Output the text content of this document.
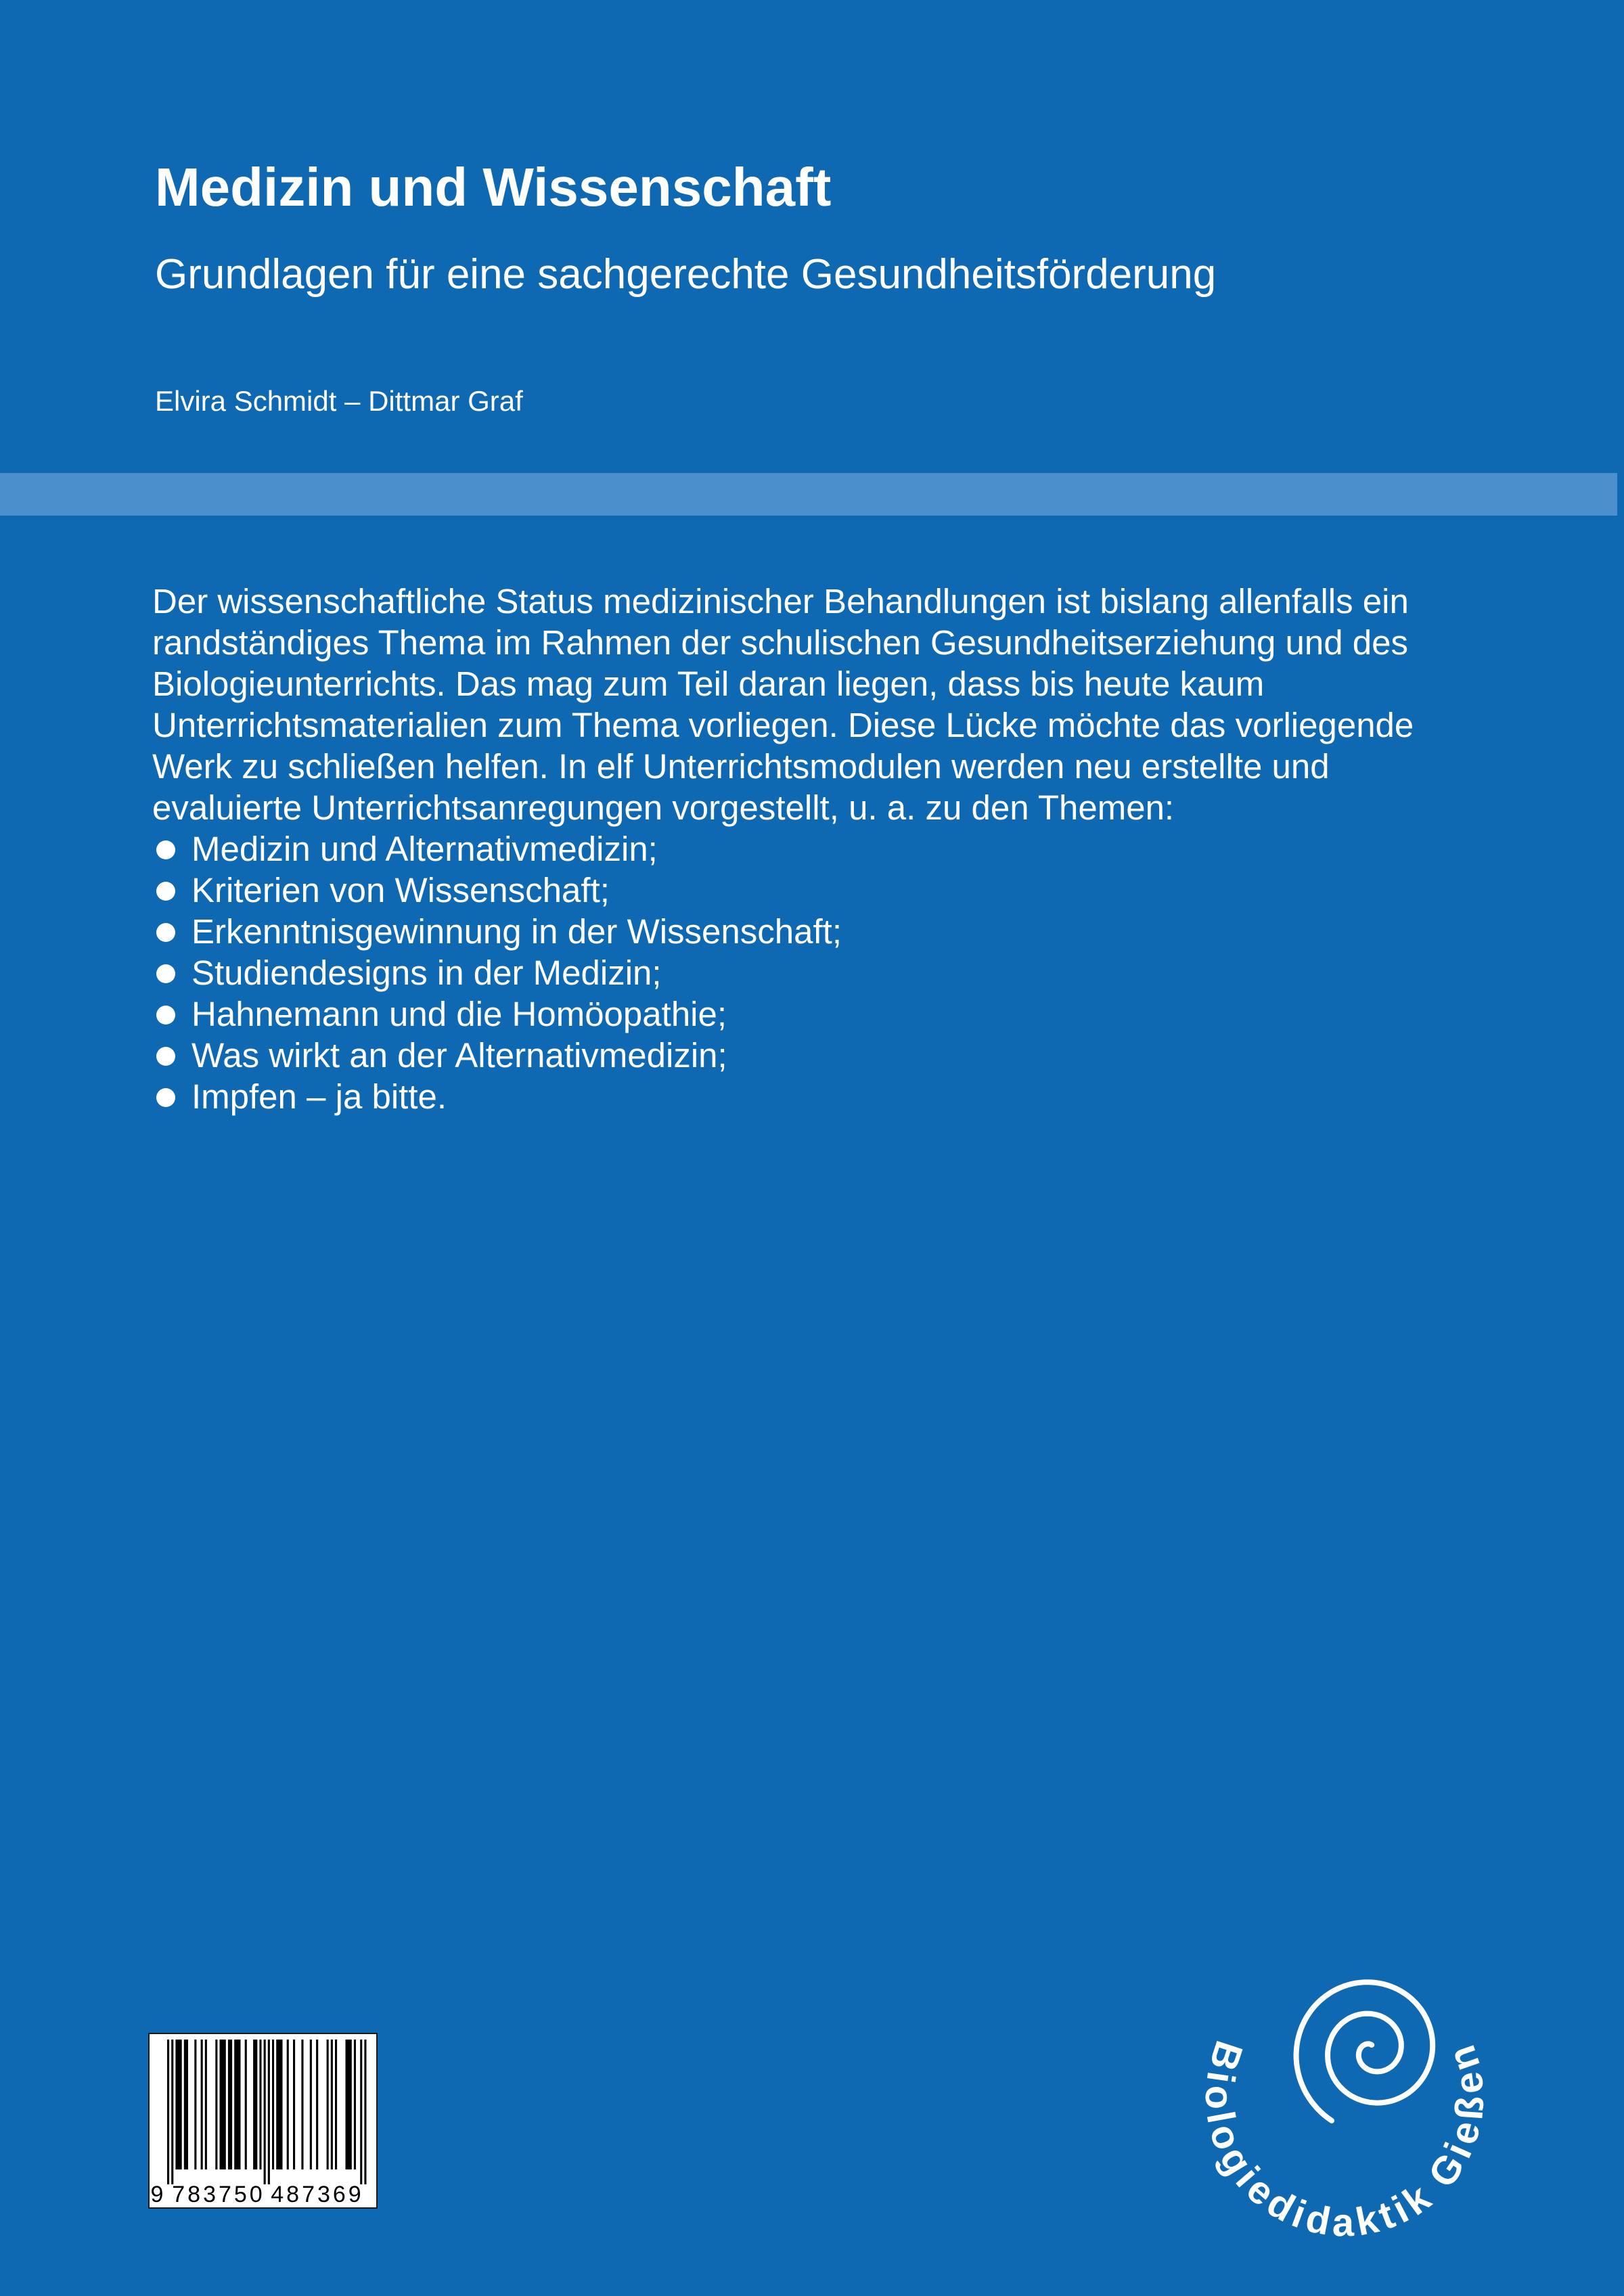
Medizin und Wissenschaft
Grundlagen für eine sachgerechte Gesundheitsförderung

Elvira Schmidt – Dittmar Graf

Der wissenschaftliche Status medizinischer Behandlungen ist bislang allenfalls ein
randständiges Thema im Rahmen der schulischen Gesundheitserziehung und des
Biologieunterrichts. Das mag zum Teil daran liegen, dass bis heute kaum
Unterrichtsmaterialien zum Thema vorliegen. Diese Lücke möchte das vorliegende
Werk zu schließen helfen. In elf Unterrichtsmodulen werden neu erstellte und
evaluierte Unterrichtsanregungen vorgestellt, u. a. zu den Themen:
Medizin und Alternativmedizin;
Kriterien von Wissenschaft;
Erkenntnisgewinnung in der Wissenschaft;
Studiendesigns in der Medizin;
Hahnemann und die Homöopathie;
Was wirkt an der Alternativmedizin;
Impfen – ja bitte.
9 783750 487369
Biologiedidaktik Gießen
